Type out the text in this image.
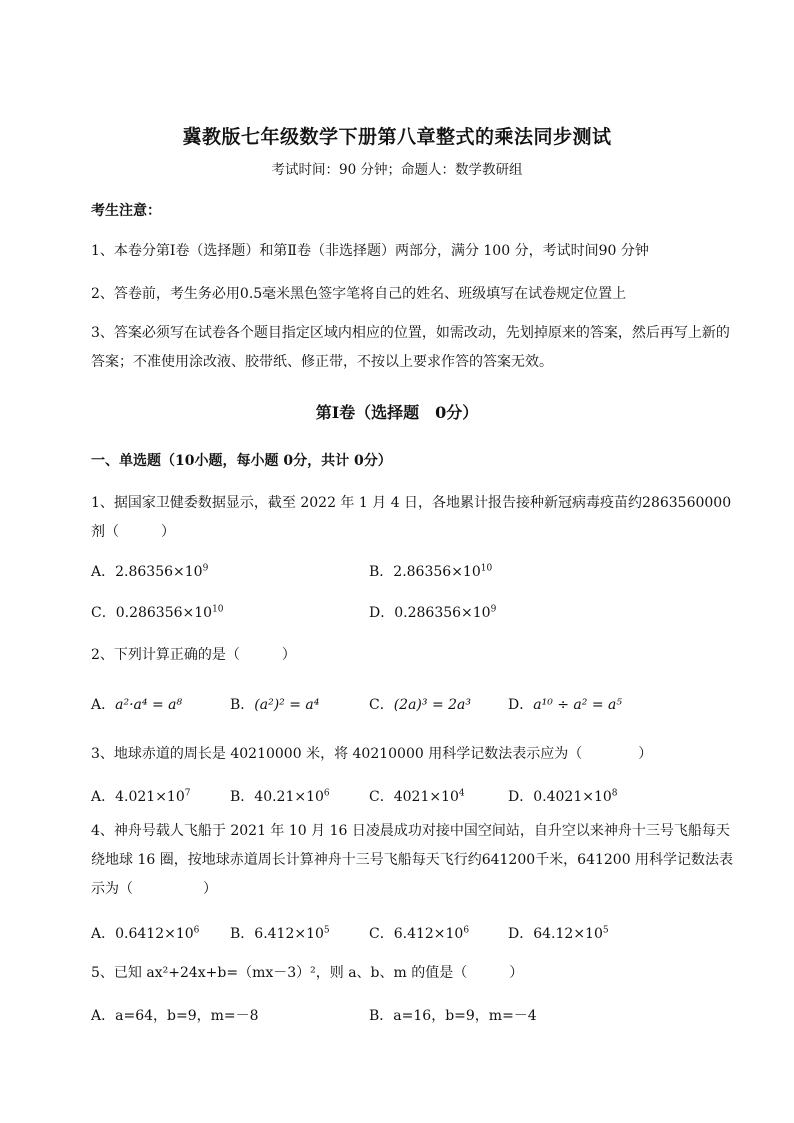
冀教版七年级数学下册第八章整式的乘法同步测试
考试时间：90 分钟；命题人：数学教研组
考生注意：
1、本卷分第Ⅰ卷（选择题）和第Ⅱ卷（非选择题）两部分，满分 100 分，考试时间90 分钟
2、答卷前，考生务必用0.5毫米黑色签字笔将自己的姓名、班级填写在试卷规定位置上
3、答案必须写在试卷各个题目指定区域内相应的位置，如需改动，先划掉原来的答案，然后再写上新的答案；不准使用涂改液、胶带纸、修正带，不按以上要求作答的答案无效。
第Ⅰ卷（选择题　0分）
一、单选题（10小题，每小题 0分，共计 0分）
1、据国家卫健委数据显示，截至 2022 年 1 月 4 日，各地累计报告接种新冠病毒疫苗约2863560000剂（　　　）
A．$2.86356\times 10^9$	B．$2.86356\times 10^{10}$
C．$0.286356\times 10^{10}$	D．$0.286356\times 10^9$
2、下列计算正确的是（　　　）
A．a²·a⁴ = a⁸	B．(a²)² = a⁴	C．(2a)³ = 2a³	D．a¹⁰ ÷ a² = a⁵
3、地球赤道的周长是 40210000 米，将 40210000 用科学记数法表示应为（　　　　）
A．$4.021\times 10^7$	B．$40.21\times 10^6$	C．$4021\times 10^4$	D．$0.4021\times 10^8$
4、神舟号载人飞船于 2021 年 10 月 16 日凌晨成功对接中国空间站，自升空以来神舟十三号飞船每天绕地球 16 圈，按地球赤道周长计算神舟十三号飞船每天飞行约641200千米，641200 用科学记数法表示为（　　　　　）
A．$0.6412\times 10^6$ B．$6.412\times 10^5$	C．$6.412\times 10^6$	D．$64.12\times 10^5$
5、已知 ax²+24x+b=（mx－3）²，则 a、b、m 的值是（　　　）
A．a=64，b=9，m=－8	B．a=16，b=9，m=－4
